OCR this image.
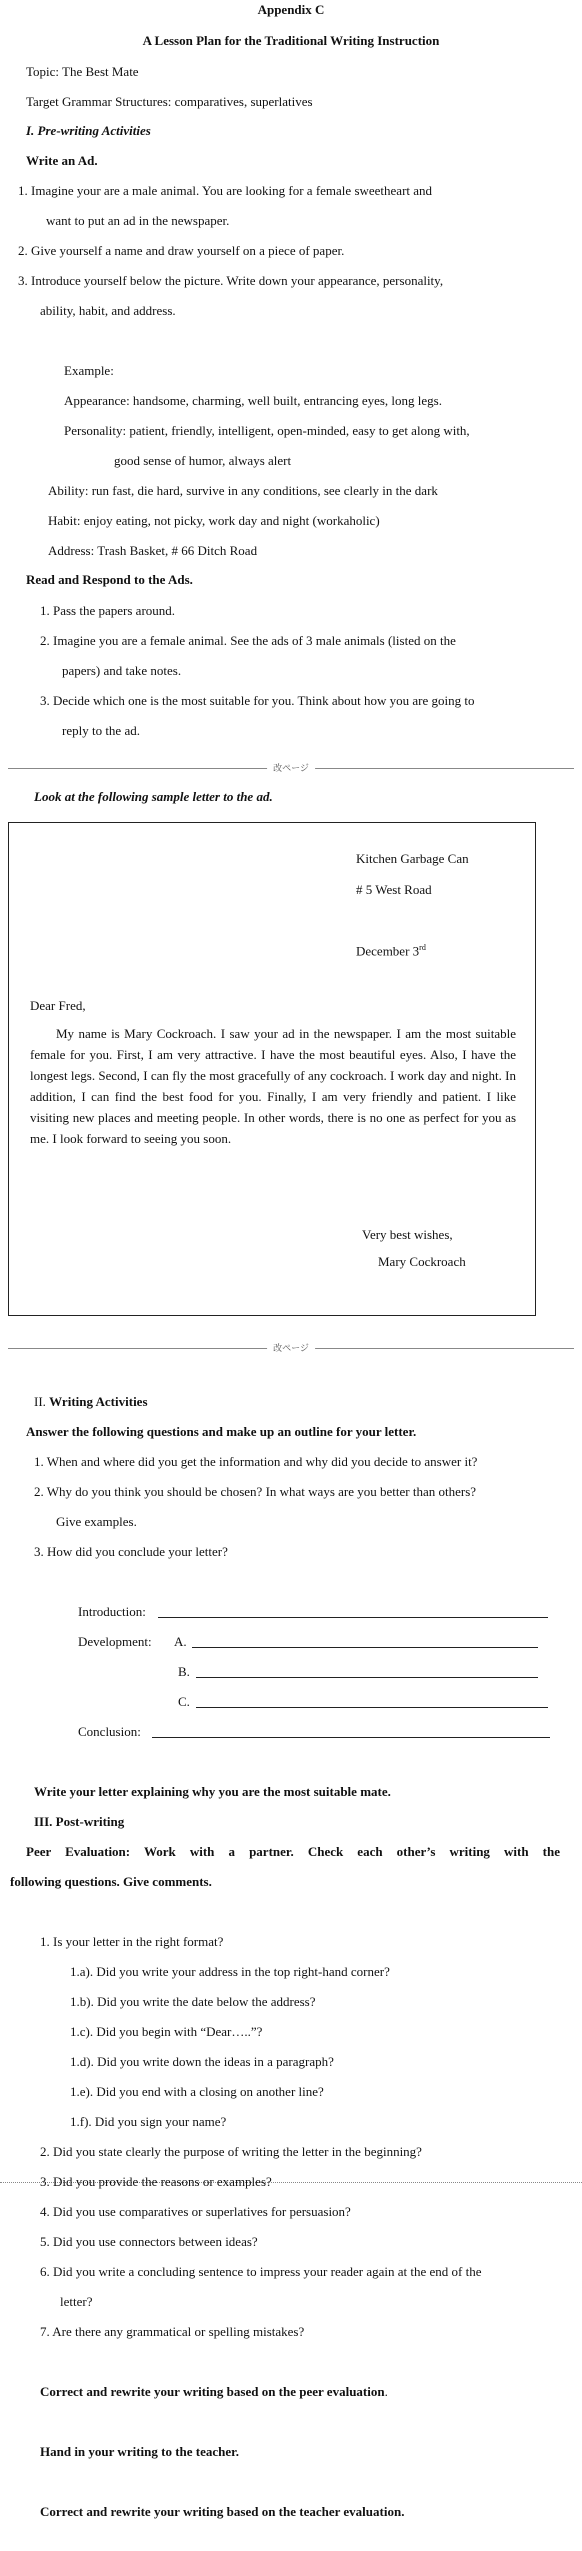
Appendix C
A Lesson Plan for the Traditional Writing Instruction
Topic: The Best Mate
Target Grammar Structures: comparatives, superlatives
I. Pre-writing Activities
Write an Ad.
1. Imagine your are a male animal. You are looking for a female sweetheart and
want to put an ad in the newspaper.
2. Give yourself a name and draw yourself on a piece of paper.
3. Introduce yourself below the picture. Write down your appearance, personality,
ability, habit, and address.
Example:
Appearance: handsome, charming, well built, entrancing eyes, long legs.
Personality: patient, friendly, intelligent, open-minded, easy to get along with,
good sense of humor, always alert
Ability: run fast, die hard, survive in any conditions, see clearly in the dark
Habit: enjoy eating, not picky, work day and night (workaholic)
Address: Trash Basket, # 66 Ditch Road
Read and Respond to the Ads.
1. Pass the papers around.
2. Imagine you are a female animal. See the ads of 3 male animals (listed on the
papers) and take notes.
3. Decide which one is the most suitable for you. Think about how you are going to
reply to the ad.
改ページ
Look at the following sample letter to the ad.
Kitchen Garbage Can
# 5 West Road
December 3rd
Dear Fred,
My name is Mary Cockroach. I saw your ad in the newspaper. I am the most suitable female for you. First, I am very attractive. I have the most beautiful eyes. Also, I have the longest legs. Second, I can fly the most gracefully of any cockroach. I work day and night. In addition, I can find the best food for you. Finally, I am very friendly and patient. I like visiting new places and meeting people. In other words, there is no one as perfect for you as me. I look forward to seeing you soon.
Very best wishes,
Mary Cockroach
改ページ
II. Writing Activities
Answer the following questions and make up an outline for your letter.
1. When and where did you get the information and why did you decide to answer it?
2. Why do you think you should be chosen? In what ways are you better than others?
Give examples.
3. How did you conclude your letter?
Introduction:
Development: A.
B.
C.
Conclusion:
Write your letter explaining why you are the most suitable mate.
III. Post-writing
Peer Evaluation: Work with a partner. Check each other’s writing with the
following questions. Give comments.
1. Is your letter in the right format?
1.a). Did you write your address in the top right-hand corner?
1.b). Did you write the date below the address?
1.c). Did you begin with “Dear…..”?
1.d). Did you write down the ideas in a paragraph?
1.e). Did you end with a closing on another line?
1.f). Did you sign your name?
2. Did you state clearly the purpose of writing the letter in the beginning?
3. Did you provide the reasons or examples?
4. Did you use comparatives or superlatives for persuasion?
5. Did you use connectors between ideas?
6. Did you write a concluding sentence to impress your reader again at the end of the
letter?
7. Are there any grammatical or spelling mistakes?
Correct and rewrite your writing based on the peer evaluation.
Hand in your writing to the teacher.
Correct and rewrite your writing based on the teacher evaluation.
